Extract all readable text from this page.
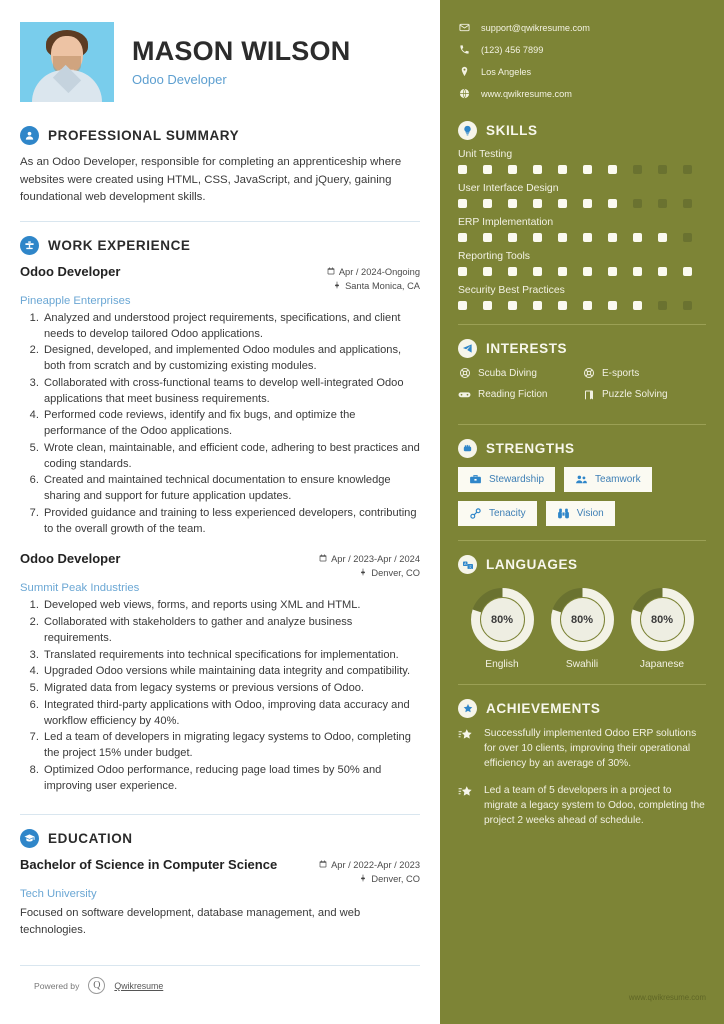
MASON WILSON
Odoo Developer
PROFESSIONAL SUMMARY
As an Odoo Developer, responsible for completing an apprenticeship where websites were created using HTML, CSS, JavaScript, and jQuery, gaining foundational web development skills.
WORK EXPERIENCE
Odoo Developer	Apr / 2024-Ongoing
Santa Monica, CA
Pineapple Enterprises
1. Analyzed and understood project requirements, specifications, and client needs to develop tailored Odoo applications.
2. Designed, developed, and implemented Odoo modules and applications, both from scratch and by customizing existing modules.
3. Collaborated with cross-functional teams to develop well-integrated Odoo applications that meet business requirements.
4. Performed code reviews, identify and fix bugs, and optimize the performance of the Odoo applications.
5. Wrote clean, maintainable, and efficient code, adhering to best practices and coding standards.
6. Created and maintained technical documentation to ensure knowledge sharing and support for future application updates.
7. Provided guidance and training to less experienced developers, contributing to the overall growth of the team.
Odoo Developer	Apr / 2023-Apr / 2024
Denver, CO
Summit Peak Industries
1. Developed web views, forms, and reports using XML and HTML.
2. Collaborated with stakeholders to gather and analyze business requirements.
3. Translated requirements into technical specifications for implementation.
4. Upgraded Odoo versions while maintaining data integrity and compatibility.
5. Migrated data from legacy systems or previous versions of Odoo.
6. Integrated third-party applications with Odoo, improving data accuracy and workflow efficiency by 40%.
7. Led a team of developers in migrating legacy systems to Odoo, completing the project 15% under budget.
8. Optimized Odoo performance, reducing page load times by 50% and improving user experience.
EDUCATION
Bachelor of Science in Computer Science	Apr / 2022-Apr / 2023
Denver, CO
Tech University
Focused on software development, database management, and web technologies.
Powered by	Q	Qwikresume
support@qwikresume.com
(123) 456 7899
Los Angeles
www.qwikresume.com
SKILLS
Unit Testing
User Interface Design
ERP Implementation
Reporting Tools
Security Best Practices
INTERESTS
Scuba Diving	E-sports
Reading Fiction	Puzzle Solving
STRENGTHS
Stewardship	Teamwork
Tenacity	Vision
A
文 LANGUAGES
80%
English
80%
Swahili
80%
Japanese
ACHIEVEMENTS
Successfully implemented Odoo ERP solutions for over 10 clients, improving their operational efficiency by an average of 30%.
Led a team of 5 developers in a project to migrate a legacy system to Odoo, completing the project 2 weeks ahead of schedule.
www.qwikresume.com
